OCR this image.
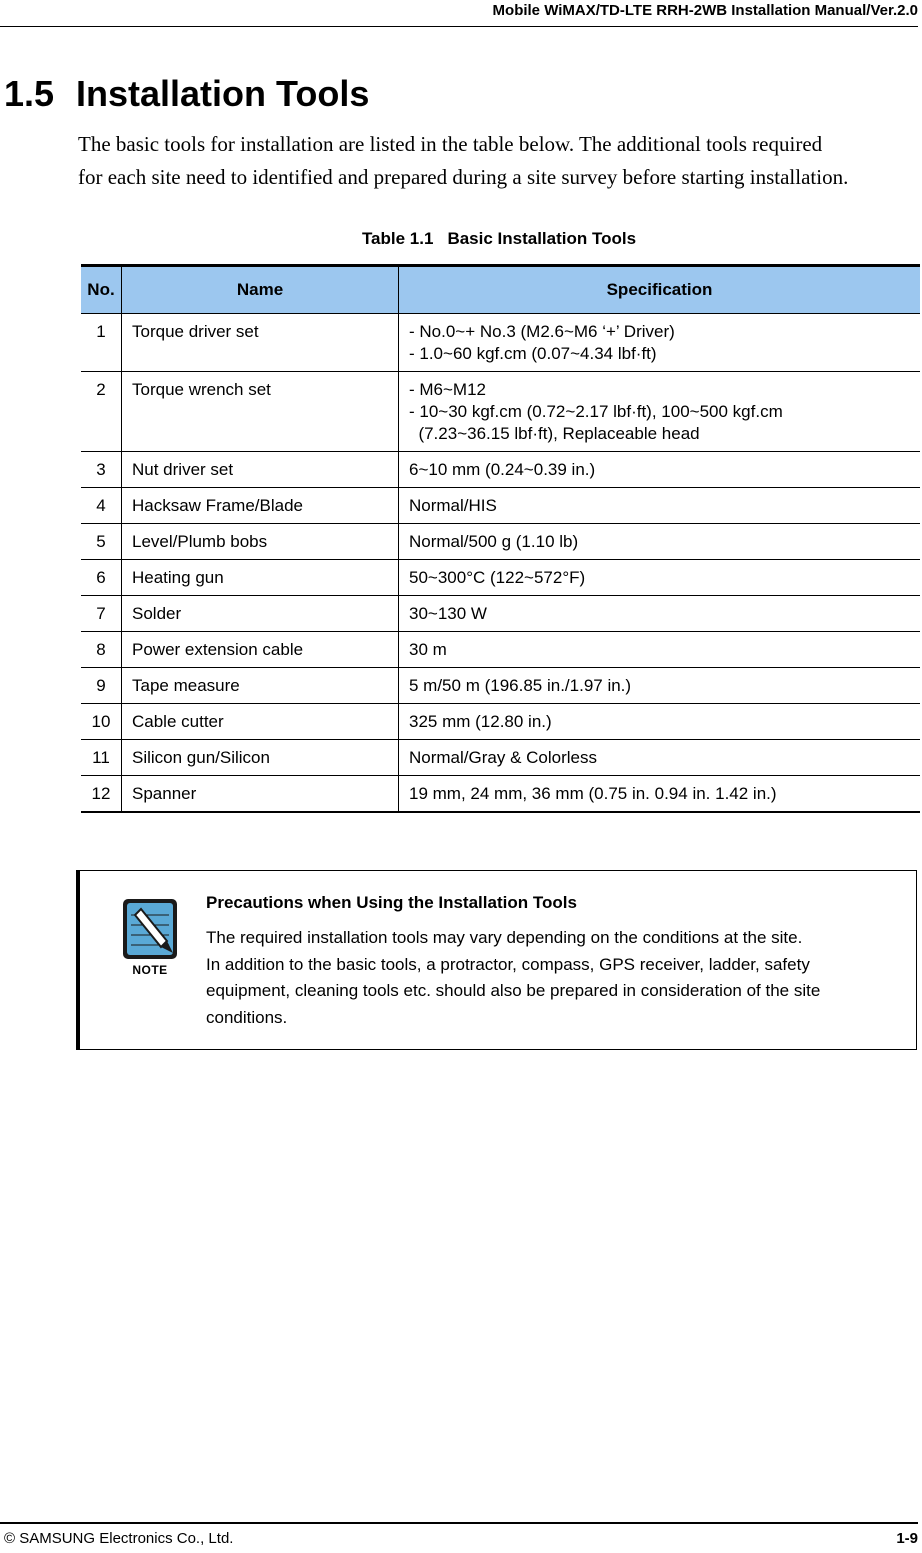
Mobile WiMAX/TD-LTE RRH-2WB Installation Manual/Ver.2.0
1.5 Installation Tools

The basic tools for installation are listed in the table below. The additional tools required
for each site need to identified and prepared during a site survey before starting installation.

Table 1.1 Basic Installation Tools
No.	Name	Specification
1	Torque driver set	- No.0~+ No.3 (M2.6~M6 ‘+’ Driver)
- 1.0~60 kgf.cm (0.07~4.34 lbf·ft)

2	Torque wrench set	- M6~M12
- 10~30 kgf.cm (0.72~2.17 lbf·ft), 100~500 kgf.cm
(7.23~36.15 lbf·ft), Replaceable head

3	Nut driver set	6~10 mm (0.24~0.39 in.)

4	Hacksaw Frame/Blade	Normal/HIS

5	Level/Plumb bobs	Normal/500 g (1.10 lb)

6	Heating gun	50~300°C (122~572°F)

7	Solder	30~130 W

8	Power extension cable	30 m

9	Tape measure	5 m/50 m (196.85 in./1.97 in.)

10	Cable cutter	325 mm (12.80 in.)

11	Silicon gun/Silicon	Normal/Gray & Colorless

12	Spanner	19 mm, 24 mm, 36 mm (0.75 in. 0.94 in. 1.42 in.)
NOTE

Precautions when Using the Installation Tools

The required installation tools may vary depending on the conditions at the site.
In addition to the basic tools, a protractor, compass, GPS receiver, ladder, safety
equipment, cleaning tools etc. should also be prepared in consideration of the site
conditions.

© SAMSUNG Electronics Co., Ltd.	1-9
